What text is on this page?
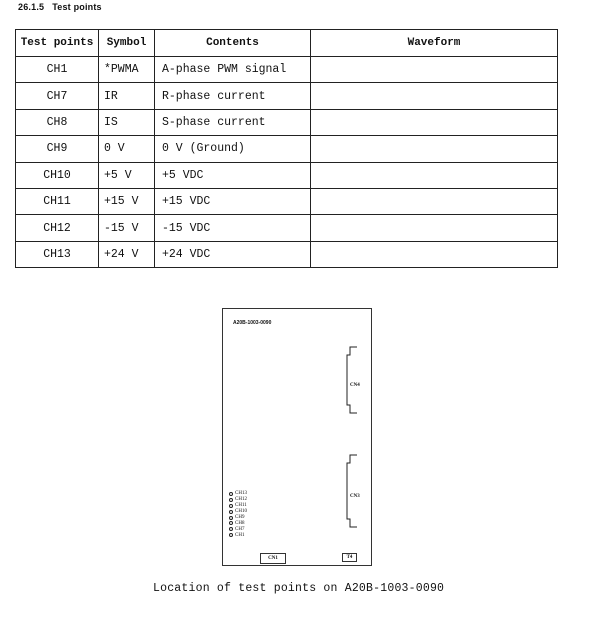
26.1.5 Test points
Test points	Symbol	Contents	Waveform
CH1	*PWMA	A-phase PWM signal	
CH7	IR	R-phase current	
CH8	IS	S-phase current	
CH9	0 V	0 V (Ground)	
CH10	+5 V	+5 VDC	
CH11	+15 V	+15 VDC	
CH12	-15 V	-15 VDC	
CH13	+24 V	+24 VDC	
A20B-1003-0090
CN4
CN3
CH13
CH12
CH11
CH10
CH9
CH8
CH7
CH1
CN1	T4
Location of test points on A20B-1003-0090
